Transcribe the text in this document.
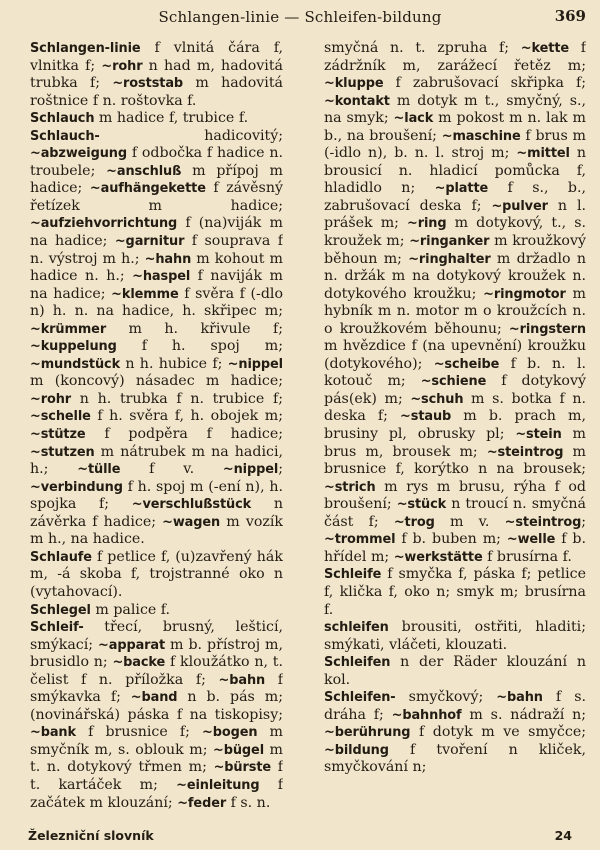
Schlangen-linie — Schleifen-bildung	369

Schlangen-linie f vlnitá čára f, vlnitka f; ~rohr n had m, hadovitá trubka f; ~roststab m hadovitá roštnice f n. roštovka f.

Schlauch m hadice f, trubice f.

Schlauch- hadicovitý; ~abzweigung f odbočka f hadice n. troubele; ~anschluß m přípoj m hadice; ~aufhängekette f závěsný řetízek m hadice; ~aufziehvorrichtung f (na)viják m na hadice; ~garnitur f souprava f n. výstroj m h.; ~hahn m kohout m hadice n. h.; ~haspel f naviják m na hadice; ~klemme f svěra f (-dlo n) h. n. na hadice, h. skřipec m; ~krümmer m h. křivule f; ~kuppelung f h. spoj m; ~mundstück n h. hubice f; ~nippel m (koncový) násadec m hadice; ~rohr n h. trubka f n. trubice f; ~schelle f h. svěra f, h. obojek m; ~stütze f podpěra f hadice; ~stutzen m nátrubek m na hadici, h.; ~tülle f v. ~nippel; ~verbindung f h. spoj m (-ení n), h. spojka f; ~verschlußstück n závěrka f hadice; ~wagen m vozík m h., na hadice.

Schlaufe f petlice f, (u)zavřený hák m, -á skoba f, trojstranné oko n (vytahovací).

Schlegel m palice f.

Schleif- třecí, brusný, lešticí, smýkací; ~apparat m b. přístroj m, brusidlo n; ~backe f kloužátko n, t. čelist f n. příložka f; ~bahn f smýkavka f; ~band n b. pás m; (novinářská) páska f na tiskopisy; ~bank f brusnice f; ~bogen m smyčník m, s. oblouk m; ~bügel m t. n. dotykový třmen m; ~bürste f t. kartáček m; ~einleitung f začátek m klouzání; ~feder f s. n.

smyčná n. t. zpruha f; ~kette f zádržník m, zarážecí řetěz m; ~kluppe f zabrušovací skřipka f; ~kontakt m dotyk m t., smyčný, s., na smyk; ~lack m pokost m n. lak m b., na broušení; ~maschine f brus m (-idlo n), b. n. l. stroj m; ~mittel n brousicí n. hladicí pomůcka f, hladidlo n; ~platte f s., b., zabrušovací deska f; ~pulver n l. prášek m; ~ring m dotykový, t., s. kroužek m; ~ringanker m kroužkový běhoun m; ~ringhalter m držadlo n n. držák m na dotykový kroužek n. dotykového kroužku; ~ringmotor m hybník m n. motor m o kroužcích n. o kroužkovém běhounu; ~ringstern m hvězdice f (na upevnění) kroužku (dotykového); ~scheibe f b. n. l. kotouč m; ~schiene f dotykový pás(ek) m; ~schuh m s. botka f n. deska f; ~staub m b. prach m, brusiny pl, obrusky pl; ~stein m brus m, brousek m; ~steintrog m brusnice f, korýtko n na brousek; ~strich m rys m brusu, rýha f od broušení; ~stück n troucí n. smyčná část f; ~trog m v. ~steintrog; ~trommel f b. buben m; ~welle f b. hřídel m; ~werkstätte f brusírna f.

Schleife f smyčka f, páska f; petlice f, klička f, oko n; smyk m; brusírna f.

schleifen brousiti, ostřiti, hladiti; smýkati, vláčeti, klouzati.

Schleifen n der Räder klouzání n kol.

Schleifen- smyčkový; ~bahn f s. dráha f; ~bahnhof m s. nádraží n; ~berührung f dotyk m ve smyčce; ~bildung f tvoření n kliček, smyčkování n;

Železniční slovník	24
